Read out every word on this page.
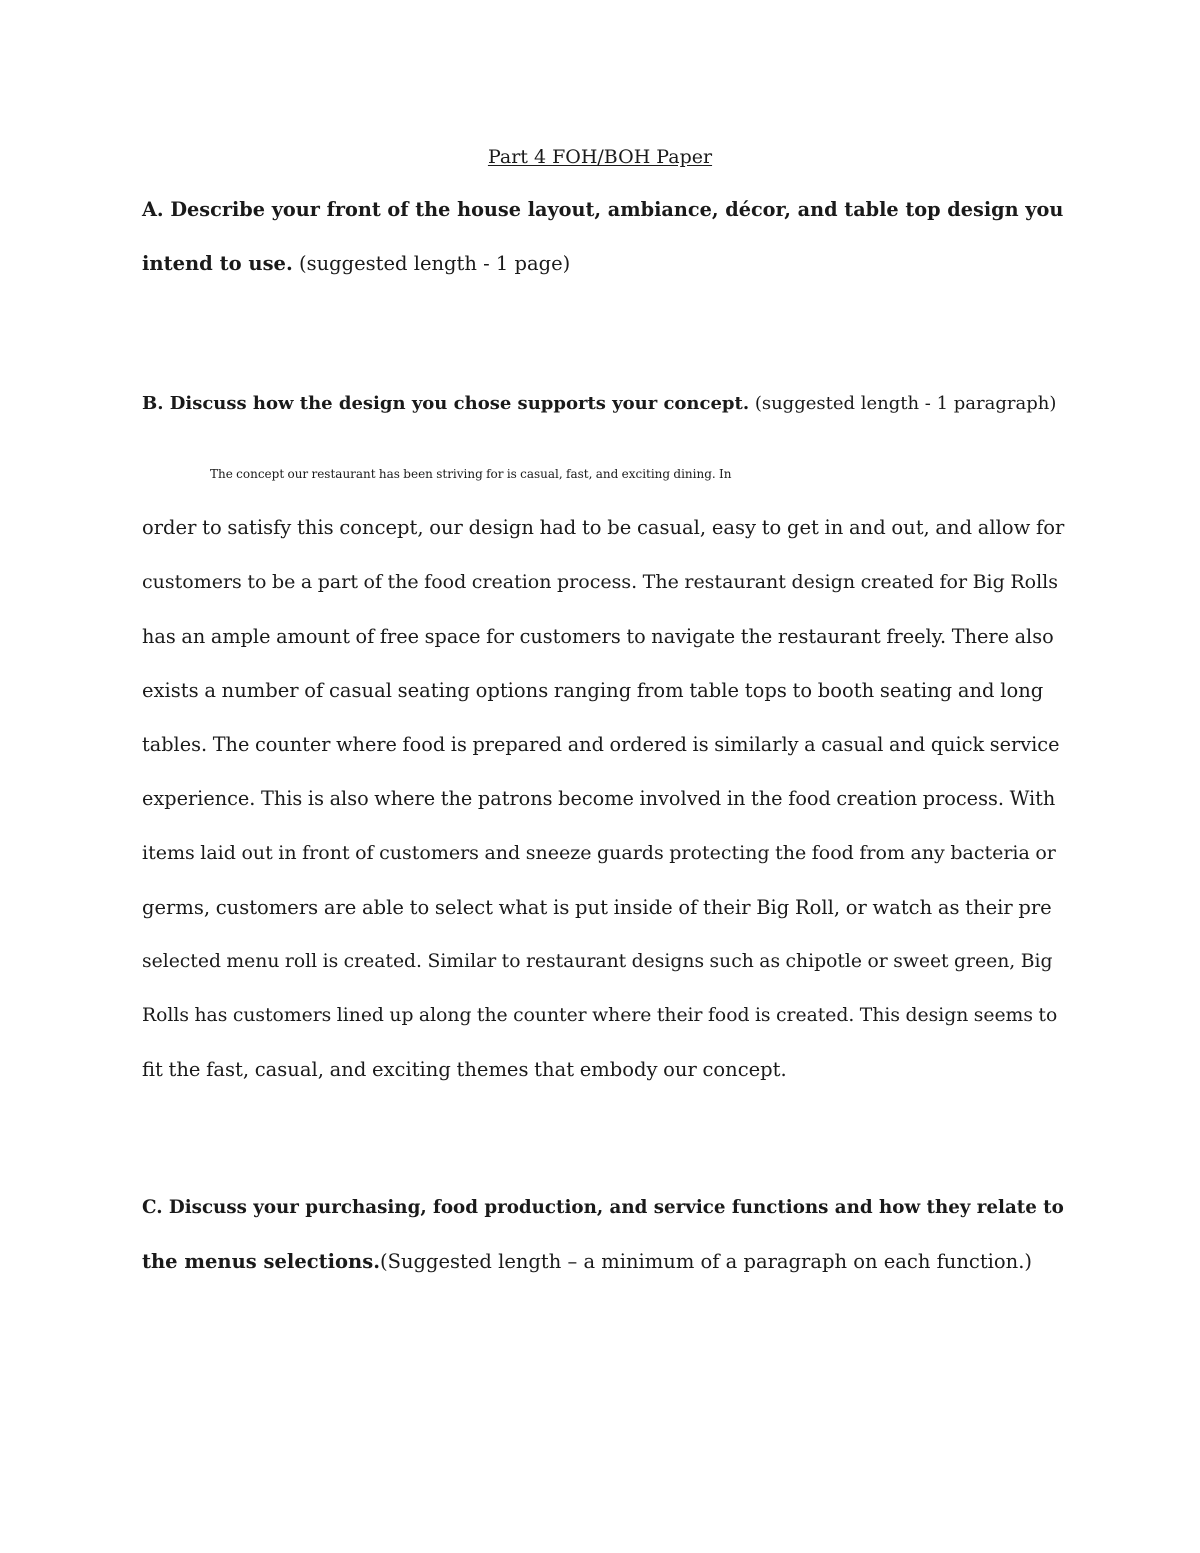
Part 4 FOH/BOH Paper

A. Describe your front of the house layout, ambiance, décor, and table top design you
intend to use. (suggested length - 1 page)

B. Discuss how the design you chose supports your concept. (suggested length - 1 paragraph)

The concept our restaurant has been striving for is casual, fast, and exciting dining. In
order to satisfy this concept, our design had to be casual, easy to get in and out, and allow for
customers to be a part of the food creation process. The restaurant design created for Big Rolls
has an ample amount of free space for customers to navigate the restaurant freely. There also
exists a number of casual seating options ranging from table tops to booth seating and long
tables. The counter where food is prepared and ordered is similarly a casual and quick service
experience. This is also where the patrons become involved in the food creation process. With
items laid out in front of customers and sneeze guards protecting the food from any bacteria or
germs, customers are able to select what is put inside of their Big Roll, or watch as their pre
selected menu roll is created. Similar to restaurant designs such as chipotle or sweet green, Big
Rolls has customers lined up along the counter where their food is created. This design seems to
fit the fast, casual, and exciting themes that embody our concept.

C. Discuss your purchasing, food production, and service functions and how they relate to
the menus selections.(Suggested length – a minimum of a paragraph on each function.)
